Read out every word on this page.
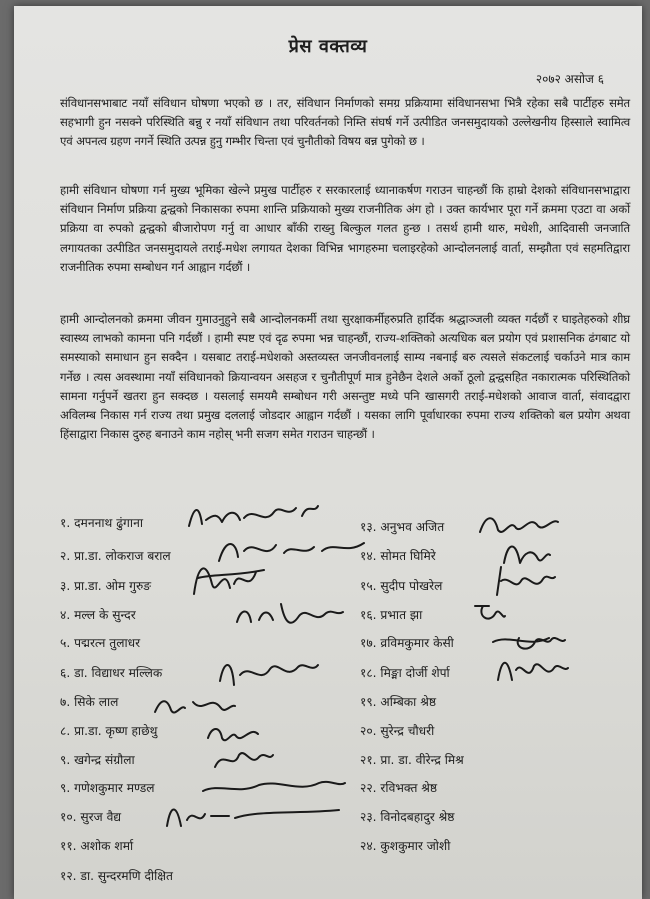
प्रेस वक्तव्य
२०७२ असोज ६
संविधानसभाबाट नयाँ संविधान घोषणा भएको छ । तर, संविधान निर्माणको समग्र प्रक्रियामा संविधानसभा भित्रै रहेका सबै पार्टीहरु समेत सहभागी हुन नसक्ने परिस्थिति बन्नु र नयाँ संविधान तथा परिवर्तनको निम्ति संघर्ष गर्ने उत्पीडित जनसमुदायको उल्लेखनीय हिस्साले स्वामित्व एवं अपनत्व ग्रहण नगर्ने स्थिति उत्पन्न हुनु गम्भीर चिन्ता एवं चुनौतीको विषय बन्न पुगेको छ ।
हामी संविधान घोषणा गर्न मुख्य भूमिका खेल्ने प्रमुख पार्टीहरु र सरकारलाई ध्यानाकर्षण गराउन चाहन्छौं कि हाम्रो देशको संविधानसभाद्वारा संविधान निर्माण प्रक्रिया द्वन्द्वको निकासका रुपमा शान्ति प्रक्रियाको मुख्य राजनीतिक अंग हो । उक्त कार्यभार पूरा गर्ने क्रममा एउटा वा अर्को प्रक्रिया वा रुपको द्वन्द्वको बीजारोपण गर्नु वा आधार बाँकी राख्नु बिल्कुल गलत हुन्छ । तसर्थ हामी थारु, मधेशी, आदिवासी जनजाति लगायतका उत्पीडित जनसमुदायले तराई-मधेश लगायत देशका विभिन्न भागहरुमा चलाइरहेको आन्दोलनलाई वार्ता, सम्झौता एवं सहमतिद्वारा राजनीतिक रुपमा सम्बोधन गर्न आह्वान गर्दछौं ।
हामी आन्दोलनको क्रममा जीवन गुमाउनुहुने सबै आन्दोलनकर्मी तथा सुरक्षाकर्मीहरुप्रति हार्दिक श्रद्धाञ्जली व्यक्त गर्दछौं र घाइतेहरुको शीघ्र स्वास्थ्य लाभको कामना पनि गर्दछौं । हामी स्पष्ट एवं दृढ रुपमा भन्न चाहन्छौं, राज्य-शक्तिको अत्यधिक बल प्रयोग एवं प्रशासनिक ढंगबाट यो समस्याको समाधान हुन सक्दैन । यसबाट तराई-मधेशको अस्तव्यस्त जनजीवनलाई साम्य नबनाई बरु त्यसले संकटलाई चर्काउने मात्र काम गर्नेछ । त्यस अवस्थामा नयाँ संविधानको क्रियान्वयन असहज र चुनौतीपूर्ण मात्र हुनेछैन देशले अर्को ठूलो द्वन्द्वसहित नकारात्मक परिस्थितिको सामना गर्नुपर्ने खतरा हुन सक्दछ । यसलाई समयमै सम्बोधन गरी असन्तुष्ट मध्ये पनि खासगरी तराई-मधेशको आवाज वार्ता, संवादद्वारा अविलम्ब निकास गर्न राज्य तथा प्रमुख दललाई जोडदार आह्वान गर्दछौं । यसका लागि पूर्वाधारका रुपमा राज्य शक्तिको बल प्रयोग अथवा हिंसाद्वारा निकास दुरुह बनाउने काम नहोस् भनी सजग समेत गराउन चाहन्छौं ।
१. दमननाथ ढुंगाना
२. प्रा.डा. लोकराज बराल
३. प्रा.डा. ओम गुरुङ
४. मल्ल के सुन्दर
५. पद्मरत्न तुलाधर
६. डा. विद्याधर मल्लिक
७. सिके लाल
८. प्रा.डा. कृष्ण हाछेथु
९. खगेन्द्र संग्रौला
९. गणेशकुमार मण्डल
१०. सुरज वैद्य
११. अशोक शर्मा
१२. डा. सुन्दरमणि दीक्षित
१३. अनुभव अजित
१४. सोमत घिमिरे
१५. सुदीप पोखरेल
१६. प्रभात झा
१७. व्रविमकुमार केसी
१८. मिङ्मा दोर्जी शेर्पा
१९. अम्बिका श्रेष्ठ
२०. सुरेन्द्र चौधरी
२१. प्रा. डा. वीरेन्द्र मिश्र
२२. रविभक्त श्रेष्ठ
२३. विनोदबहादुर श्रेष्ठ
२४. कुशकुमार जोशी
